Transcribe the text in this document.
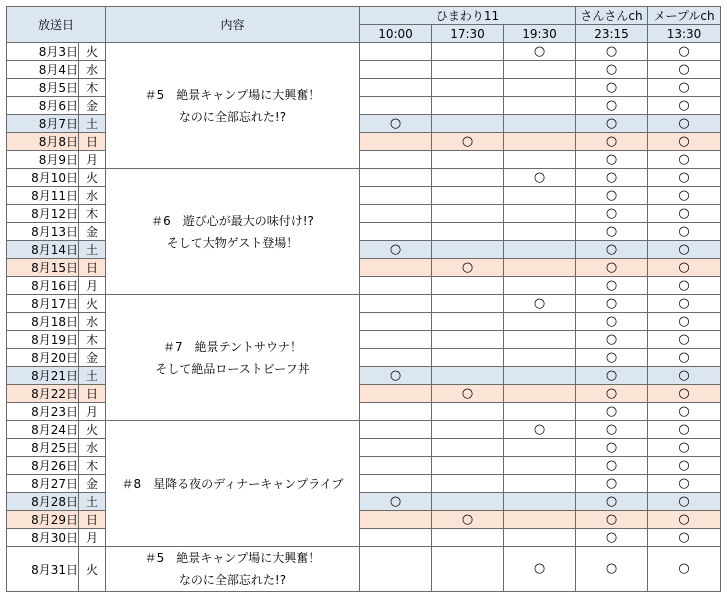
放送日		内容	ひまわり11			さんさんch	メープルch
			10:00	17:30	19:30	23:15	13:30
8月3日	火	＃5　絶景キャンプ場に大興奮！
なのに全部忘れた!?			○	○	○
8月4日	水					○	○
8月5日	木					○	○
8月6日	金					○	○
8月7日	土		○			○	○
8月8日	日			○		○	○
8月9日	月					○	○
8月10日	火	＃6　遊び心が最大の味付け!?
そして大物ゲスト登場！			○	○	○
8月11日	水					○	○
8月12日	木					○	○
8月13日	金					○	○
8月14日	土		○			○	○
8月15日	日			○		○	○
8月16日	月					○	○
8月17日	火	＃7　絶景テントサウナ！
そして絶品ローストビーフ丼			○	○	○
8月18日	水					○	○
8月19日	木					○	○
8月20日	金					○	○
8月21日	土		○			○	○
8月22日	日			○		○	○
8月23日	月					○	○
8月24日	火	＃8　星降る夜のディナーキャンプライブ			○	○	○
8月25日	水					○	○
8月26日	木					○	○
8月27日	金					○	○
8月28日	土		○			○	○
8月29日	日			○		○	○
8月30日	月					○	○
8月31日	火	＃5　絶景キャンプ場に大興奮！
なのに全部忘れた!?			○	○	○
